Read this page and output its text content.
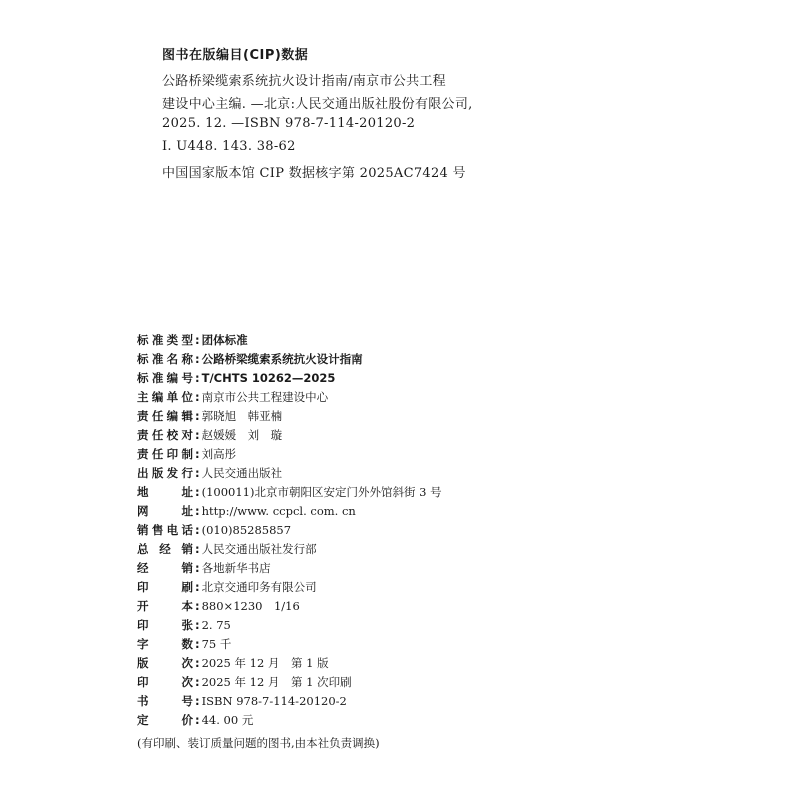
图书在版编目(CIP)数据
公路桥梁缆索系统抗火设计指南/南京市公共工程
建设中心主编. —北京:人民交通出版社股份有限公司,
2025. 12. —ISBN 978-7-114-20120-2
Ⅰ. U448. 143. 38-62
中国国家版本馆 CIP 数据核字第 2025AC7424 号
标准类型 : 团体标准
标准名称 : 公路桥梁缆索系统抗火设计指南
标准编号 : T/CHTS 10262—2025
主编单位 : 南京市公共工程建设中心
责任编辑 : 郭晓旭　韩亚楠
责任校对 : 赵媛媛　刘　璇
责任印制 : 刘高彤
出版发行 : 人民交通出版社
地址 : (100011)北京市朝阳区安定门外外馆斜街 3 号
网址 : http://www. ccpcl. com. cn
销售电话 : (010)85285857
总经销 : 人民交通出版社发行部
经销 : 各地新华书店
印刷 : 北京交通印务有限公司
开本 : 880×1230　1/16
印张 : 2. 75
字数 : 75 千
版次 : 2025 年 12 月　第 1 版
印次 : 2025 年 12 月　第 1 次印刷
书号 : ISBN 978-7-114-20120-2
定价 : 44. 00 元
(有印刷、装订质量问题的图书,由本社负责调换)
